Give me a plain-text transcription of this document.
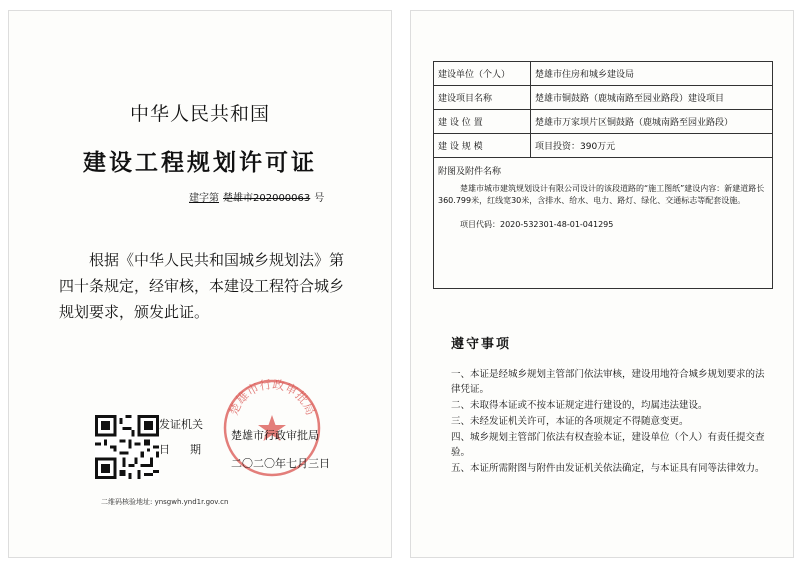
中华人民共和国
建设工程规划许可证
建字第 楚雄市202000063 号
根据《中华人民共和国城乡规划法》第四十条规定，经审核，本建设工程符合城乡规划要求，颁发此证。
二维码核验地址: ynsgwh.ynd1r.gov.cn
楚雄市行政审批局
发证机关
楚雄市行政审批局
日期
二〇二〇年七月三日
建设单位（个人）	楚雄市住房和城乡建设局
建设项目名称	楚雄市铜鼓路（鹿城南路至园业路段）建设项目
建 设 位 置	楚雄市万家坝片区铜鼓路（鹿城南路至园业路段）
建 设 规 模	项目投资：390万元

附图及附件名称
楚雄市城市建筑规划设计有限公司设计的该段道路的“施工图纸”建设内容：新建道路长360.799米，红线宽30米，含排水、给水、电力、路灯、绿化、交通标志等配套设施。
项目代码：2020-532301-48-01-041295	
遵守事项
一、本证是经城乡规划主管部门依法审核，建设用地符合城乡规划要求的法律凭证。
二、未取得本证或不按本证规定进行建设的，均属违法建设。
三、未经发证机关许可，本证的各项规定不得随意变更。
四、城乡规划主管部门依法有权查验本证，建设单位（个人）有责任提交查验。
五、本证所需附图与附件由发证机关依法确定，与本证具有同等法律效力。
